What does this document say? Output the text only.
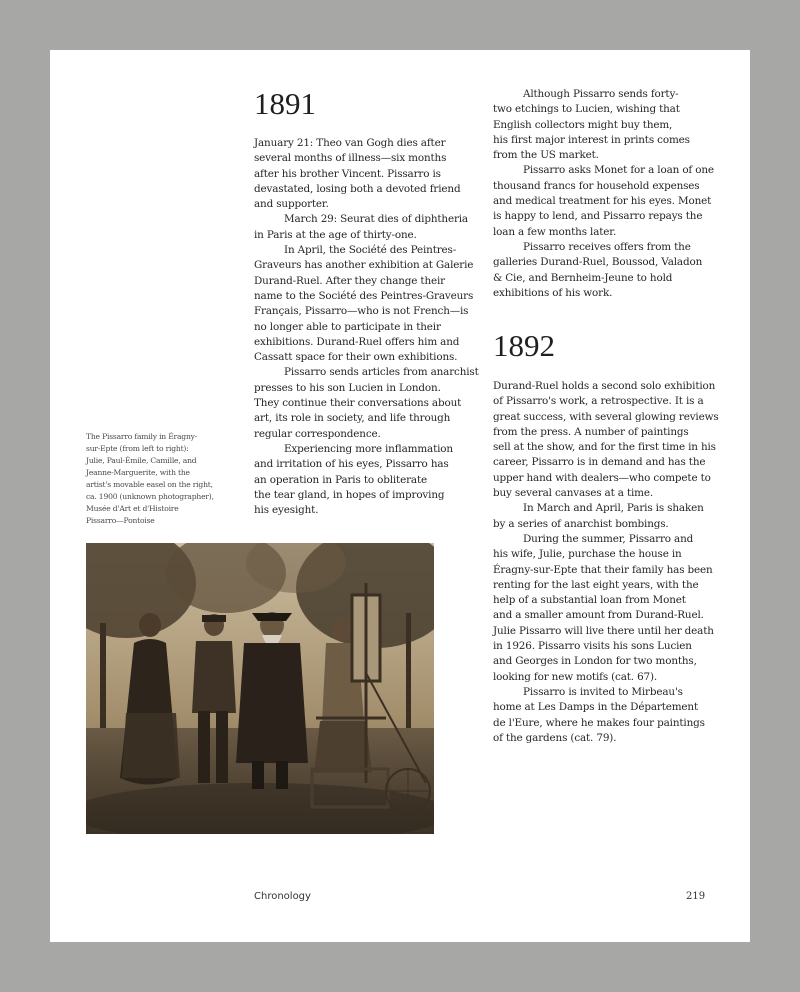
1891

January 21: Theo van Gogh dies after
several months of illness—six months
after his brother Vincent. Pissarro is
devastated, losing both a devoted friend
and supporter.

March 29: Seurat dies of diphtheria
in Paris at the age of thirty-one.

In April, the Société des Peintres-
Graveurs has another exhibition at Galerie
Durand-Ruel. After they change their
name to the Société des Peintres-Graveurs
Français, Pissarro—who is not French—is
no longer able to participate in their
exhibitions. Durand-Ruel offers him and
Cassatt space for their own exhibitions.

Pissarro sends articles from anarchist
presses to his son Lucien in London.
They continue their conversations about
art, its role in society, and life through
regular correspondence.

Experiencing more inflammation
and irritation of his eyes, Pissarro has
an operation in Paris to obliterate
the tear gland, in hopes of improving
his eyesight.

The Pissarro family in Éragny-
sur-Epte (from left to right):
Julie, Paul-Émile, Camille, and
Jeanne-Marguerite, with the
artist's movable easel on the right,
ca. 1900 (unknown photographer),
Musée d'Art et d'Histoire
Pissarro—Pontoise

Although Pissarro sends forty-
two etchings to Lucien, wishing that
English collectors might buy them,
his first major interest in prints comes
from the US market.

Pissarro asks Monet for a loan of one
thousand francs for household expenses
and medical treatment for his eyes. Monet
is happy to lend, and Pissarro repays the
loan a few months later.

Pissarro receives offers from the
galleries Durand-Ruel, Boussod, Valadon
& Cie, and Bernheim-Jeune to hold
exhibitions of his work.

1892

Durand-Ruel holds a second solo exhibition
of Pissarro's work, a retrospective. It is a
great success, with several glowing reviews
from the press. A number of paintings
sell at the show, and for the first time in his
career, Pissarro is in demand and has the
upper hand with dealers—who compete to
buy several canvases at a time.

In March and April, Paris is shaken
by a series of anarchist bombings.

During the summer, Pissarro and
his wife, Julie, purchase the house in
Éragny-sur-Epte that their family has been
renting for the last eight years, with the
help of a substantial loan from Monet
and a smaller amount from Durand-Ruel.
Julie Pissarro will live there until her death
in 1926. Pissarro visits his sons Lucien
and Georges in London for two months,
looking for new motifs (cat. 67).

Pissarro is invited to Mirbeau's
home at Les Damps in the Département
de l'Eure, where he makes four paintings
of the gardens (cat. 79).

Chronology	219
